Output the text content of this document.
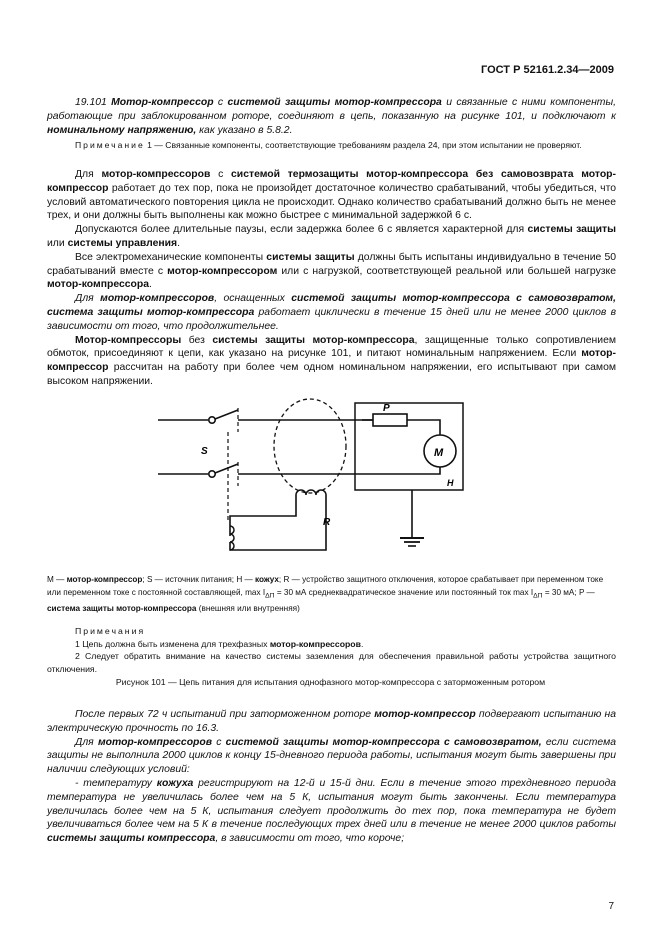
ГОСТ Р 52161.2.34—2009

19.101 Мотор-компрессор с системой защиты мотор-компрессора и связанные с ними компоненты, работающие при заблокированном роторе, соединяют в цепь, показанную на рисунке 101, и подключают к номинальному напряжению, как указано в 5.8.2.

Примечание 1 — Связанные компоненты, соответствующие требованиям раздела 24, при этом испытании не проверяют.

Для мотор-компрессоров с системой термозащиты мотор-компрессора без самовозврата мотор-компрессор работает до тех пор, пока не произойдет достаточное количество срабатываний, чтобы убедиться, что условий автоматического повторения цикла не происходит. Однако количество срабатываний должно быть не менее трех, и они должны быть выполнены как можно быстрее с минимальной задержкой 6 с.

Допускаются более длительные паузы, если задержка более 6 с является характерной для системы защиты или системы управления.

Все электромеханические компоненты системы защиты должны быть испытаны индивидуально в течение 50 срабатываний вместе с мотор-компрессором или с нагрузкой, соответствующей реальной или большей нагрузке мотор-компрессора.

Для мотор-компрессоров, оснащенных системой защиты мотор-компрессора с самовозвратом, система защиты мотор-компрессора работает циклически в течение 15 дней или не менее 2000 циклов в зависимости от того, что продолжительнее.

Мотор-компрессоры без системы защиты мотор-компрессора, защищенные только сопротивлением обмоток, присоединяют к цепи, как указано на рисунке 101, и питают номинальным напряжением. Если мотор-компрессор рассчитан на работу при более чем одном номинальном напряжении, его испытывают при самом высоком напряжении.

S
P
M
H
R
M — мотор-компрессор; S — источник питания; H — кожух; R — устройство защитного отключения, которое срабатывает при переменном токе или переменном токе с постоянной составляющей, $\max I_{\Delta П} = 30$ мА среднеквадратическое значение или постоянный ток $\max I_{\Delta П} = 30$ мА; P — система защиты мотор-компрессора (внешняя или внутренняя)
Примечания
1 Цепь должна быть изменена для трехфазных мотор-компрессоров.
2 Следует обратить внимание на качество системы заземления для обеспечения правильной работы устройства защитного отключения.
Рисунок 101 — Цепь питания для испытания однофазного мотор-компрессора с заторможенным ротором

После первых 72 ч испытаний при заторможенном роторе мотор-компрессор подвергают испытанию на электрическую прочность по 16.3.

Для мотор-компрессоров с системой защиты мотор-компрессора с самовозвратом, если система защиты не выполнила 2000 циклов к концу 15-дневного периода работы, испытания могут быть завершены при наличии следующих условий:

- температуру кожуха регистрируют на 12-й и 15-й дни. Если в течение этого трехдневного периода температура не увеличилась более чем на 5 К, испытания могут быть закончены. Если температура увеличилась более чем на 5 К, испытания следует продолжить до тех пор, пока температура не будет увеличиваться более чем на 5 К в течение последующих трех дней или в течение не менее 2000 циклов работы системы защиты компрессора, в зависимости от того, что короче;

7
